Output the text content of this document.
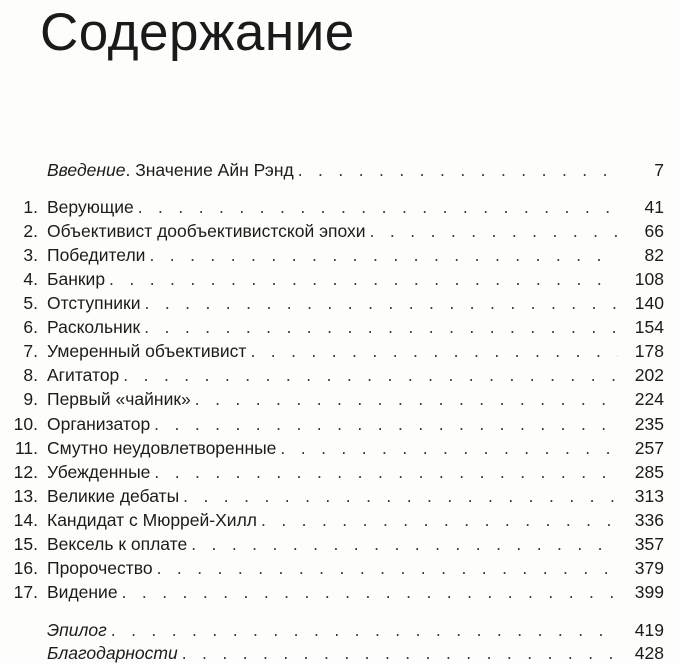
Содержание
Введение. Значение Айн Рэнд . . .	7
1. Верующие . . .	41
2. Объективист дообъективистской эпохи . . .	66
3. Победители . . .	82
4. Банкир . . .	108
5. Отступники . . .	140
6. Раскольник . . .	154
7. Умеренный объективист . . .	178
8. Агитатор . . .	202
9. Первый «чайник» . . .	224
10. Организатор . . .	235
11. Смутно неудовлетворенные . . .	257
12. Убежденные . . .	285
13. Великие дебаты . . .	313
14. Кандидат с Мюррей-Хилл . . .	336
15. Вексель к оплате . . .	357
16. Пророчество . . .	379
17. Видение . . .	399
Эпилог . . .	419
Благодарности . . .	428
